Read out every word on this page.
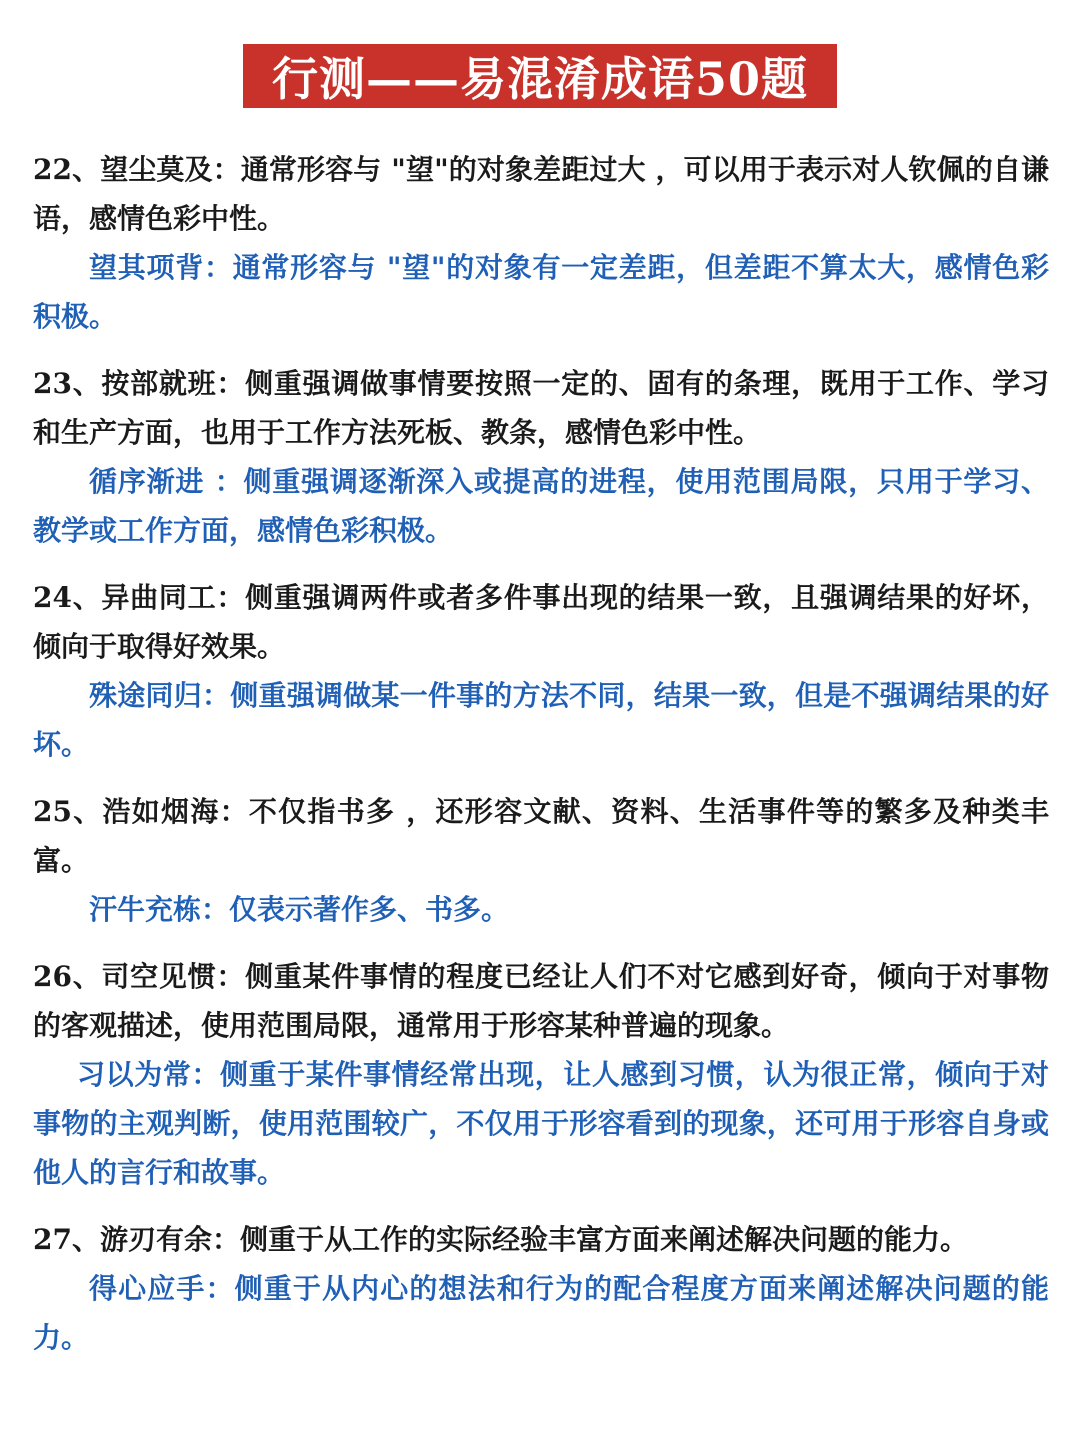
行测——易混淆成语50题

22、望尘莫及：通常形容与 "望"的对象差距过大 ，可以用于表示对人钦佩的自谦语，感情色彩中性。

望其项背：通常形容与 "望"的对象有一定差距，但差距不算太大，感情色彩积极。

23、按部就班：侧重强调做事情要按照一定的、固有的条理，既用于工作、学习和生产方面，也用于工作方法死板、教条，感情色彩中性。

循序渐进 ：侧重强调逐渐深入或提高的进程，使用范围局限，只用于学习、教学或工作方面，感情色彩积极。

24、异曲同工：侧重强调两件或者多件事出现的结果一致，且强调结果的好坏，倾向于取得好效果。

殊途同归：侧重强调做某一件事的方法不同，结果一致，但是不强调结果的好坏。

25、浩如烟海：不仅指书多 ，还形容文献、资料、生活事件等的繁多及种类丰富。

汗牛充栋：仅表示著作多、书多。

26、司空见惯：侧重某件事情的程度已经让人们不对它感到好奇，倾向于对事物的客观描述，使用范围局限，通常用于形容某种普遍的现象。

习以为常：侧重于某件事情经常出现，让人感到习惯，认为很正常，倾向于对事物的主观判断，使用范围较广，不仅用于形容看到的现象，还可用于形容自身或他人的言行和故事。

27、游刃有余：侧重于从工作的实际经验丰富方面来阐述解决问题的能力。

得心应手：侧重于从内心的想法和行为的配合程度方面来阐述解决问题的能力。
